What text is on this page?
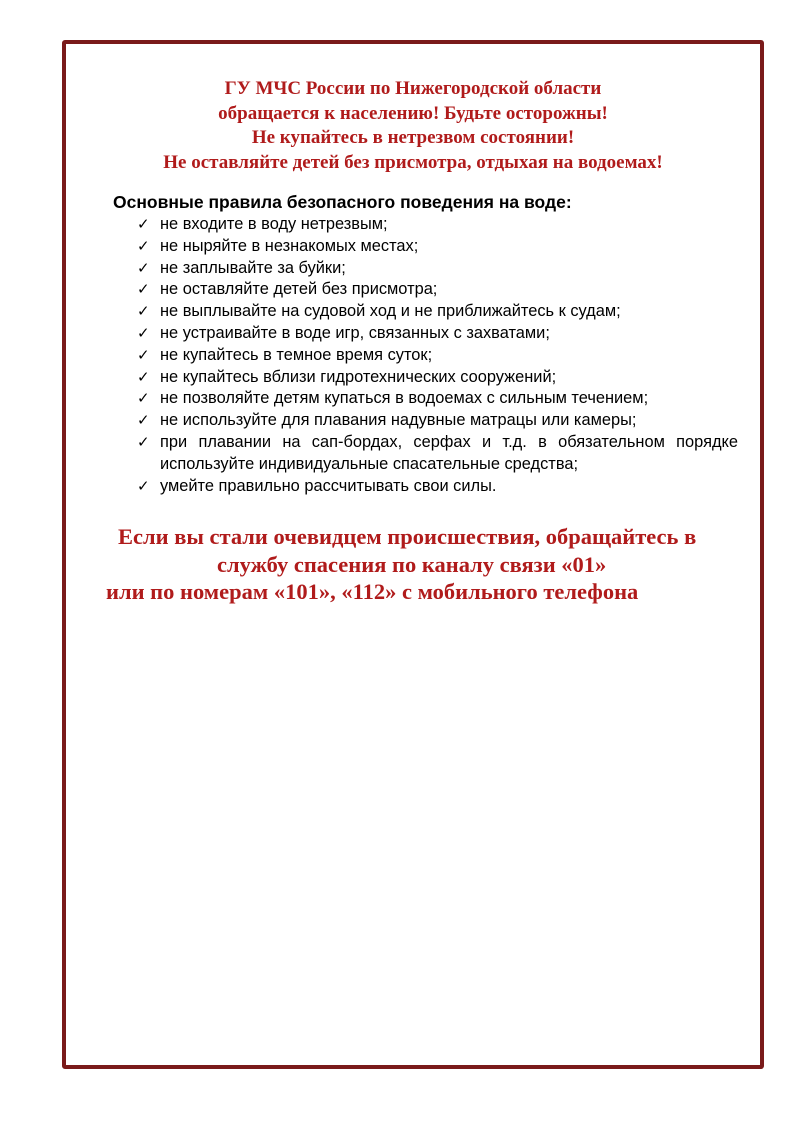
ГУ МЧС России по Нижегородской области
обращается к населению! Будьте осторожны!
Не купайтесь в нетрезвом состоянии!
Не оставляйте детей без присмотра, отдыхая на водоемах!
Основные правила безопасного поведения на воде:
✓ не входите в воду нетрезвым;
✓ не ныряйте в незнакомых местах;
✓ не заплывайте за буйки;
✓ не оставляйте детей без присмотра;
✓ не выплывайте на судовой ход и не приближайтесь к судам;
✓ не устраивайте в воде игр, связанных с захватами;
✓ не купайтесь в темное время суток;
✓ не купайтесь вблизи гидротехнических сооружений;
✓ не позволяйте детям купаться в водоемах с сильным течением;
✓ не используйте для плавания надувные матрацы или камеры;
✓ при плавании на сап-бордах, серфах и т.д. в обязательном порядке используйте индивидуальные спасательные средства;
✓ умейте правильно рассчитывать свои силы.
Если вы стали очевидцем происшествия, обращайтесь в
службу спасения по каналу связи «01»
или по номерам «101», «112» с мобильного телефона
